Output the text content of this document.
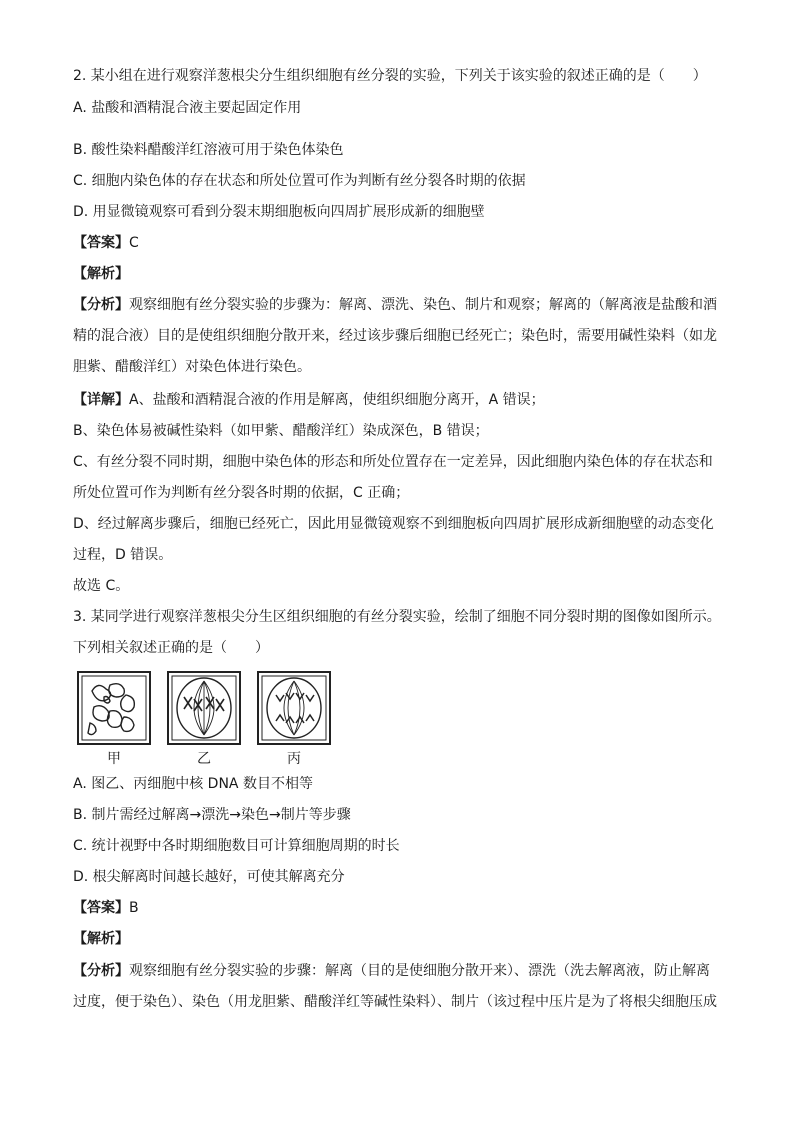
2. 某小组在进行观察洋葱根尖分生组织细胞有丝分裂的实验，下列关于该实验的叙述正确的是（　　）
A. 盐酸和酒精混合液主要起固定作用
B. 酸性染料醋酸洋红溶液可用于染色体染色
C. 细胞内染色体的存在状态和所处位置可作为判断有丝分裂各时期的依据
D. 用显微镜观察可看到分裂末期细胞板向四周扩展形成新的细胞壁
【答案】C
【解析】
【分析】观察细胞有丝分裂实验的步骤为：解离、漂洗、染色、制片和观察；解离的（解离液是盐酸和酒
精的混合液）目的是使组织细胞分散开来，经过该步骤后细胞已经死亡；染色时，需要用碱性染料（如龙
胆紫、醋酸洋红）对染色体进行染色。
【详解】A、盐酸和酒精混合液的作用是解离，使组织细胞分离开，A 错误；
B、染色体易被碱性染料（如甲紫、醋酸洋红）染成深色，B 错误；
C、有丝分裂不同时期，细胞中染色体的形态和所处位置存在一定差异，因此细胞内染色体的存在状态和
所处位置可作为判断有丝分裂各时期的依据，C 正确；
D、经过解离步骤后，细胞已经死亡，因此用显微镜观察不到细胞板向四周扩展形成新细胞壁的动态变化
过程，D 错误。
故选 C。
3. 某同学进行观察洋葱根尖分生区组织细胞的有丝分裂实验，绘制了细胞不同分裂时期的图像如图所示。
下列相关叙述正确的是（　　）
甲	乙	丙
A. 图乙、丙细胞中核 DNA 数目不相等
B. 制片需经过解离→漂洗→染色→制片等步骤
C. 统计视野中各时期细胞数目可计算细胞周期的时长
D. 根尖解离时间越长越好，可使其解离充分
【答案】B
【解析】
【分析】观察细胞有丝分裂实验的步骤：解离（目的是使细胞分散开来）、漂洗（洗去解离液，防止解离
过度，便于染色）、染色（用龙胆紫、醋酸洋红等碱性染料）、制片（该过程中压片是为了将根尖细胞压成
